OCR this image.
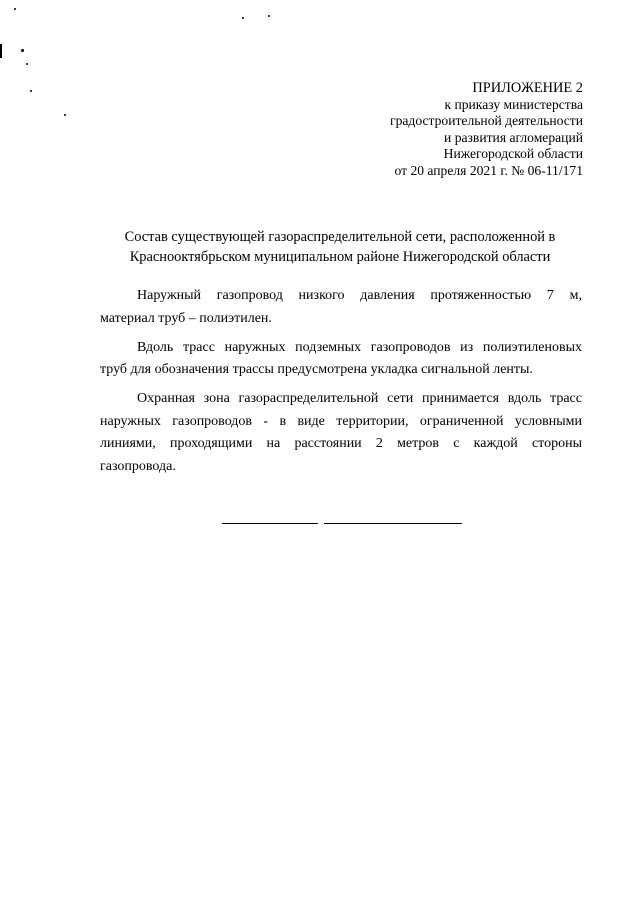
ПРИЛОЖЕНИЕ 2
к приказу министерства
градостроительной деятельности
и развития агломераций
Нижегородской области
от 20 апреля 2021 г. № 06-11/171
Состав существующей газораспределительной сети, расположенной в
Краснооктябрьском муниципальном районе Нижегородской области
Наружный газопровод низкого давления протяженностью 7 м,
материал труб – полиэтилен.
Вдоль трасс наружных подземных газопроводов из полиэтиленовых
труб для обозначения трассы предусмотрена укладка сигнальной ленты.
Охранная зона газораспределительной сети принимается вдоль трасс
наружных газопроводов - в виде территории, ограниченной условными
линиями, проходящими на расстоянии 2 метров с каждой стороны
газопровода.
